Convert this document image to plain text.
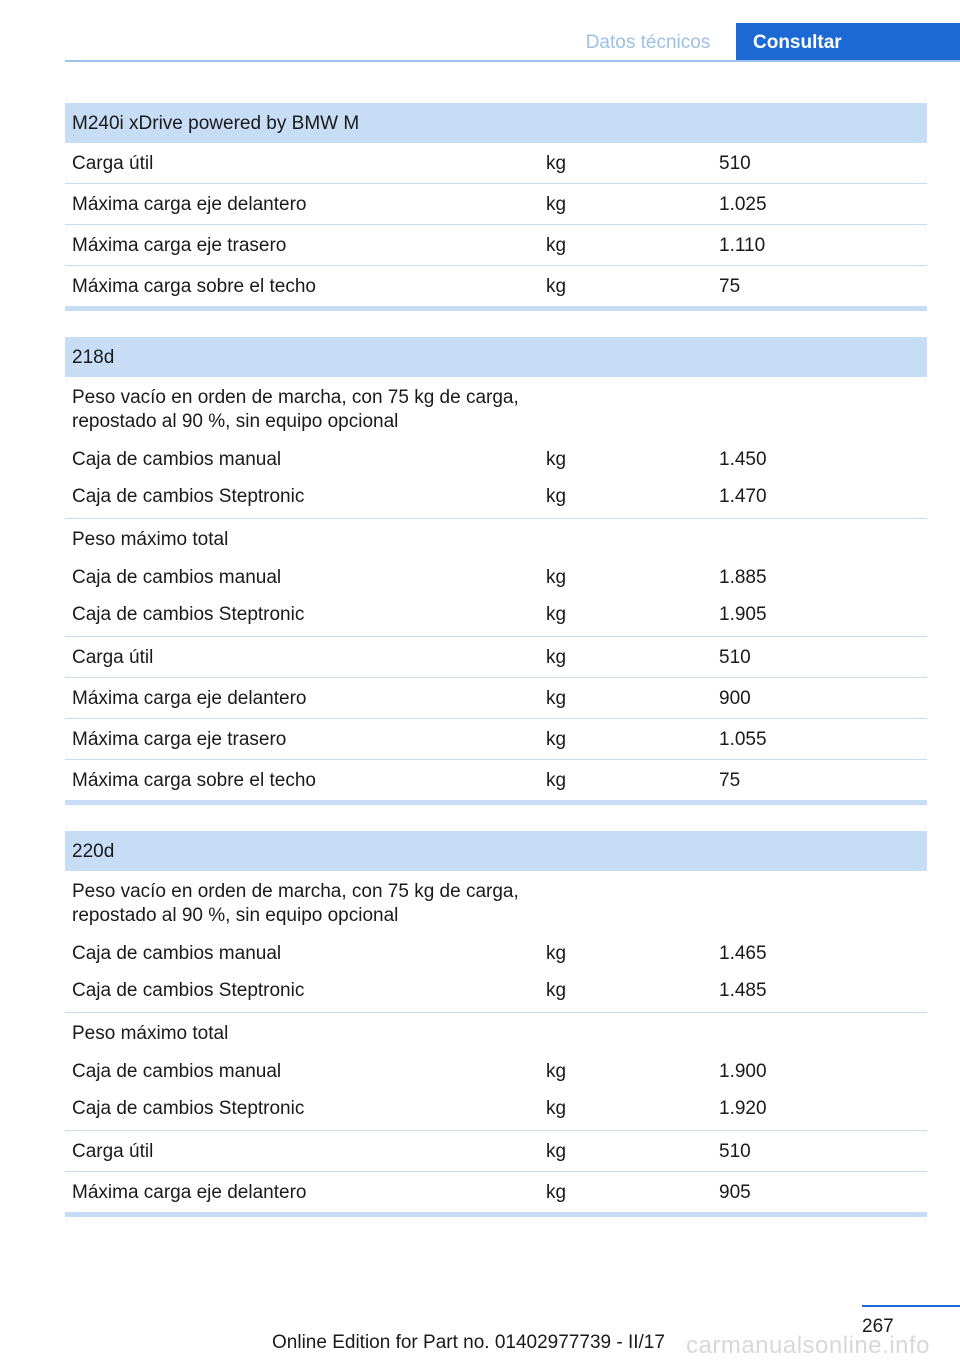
Datos técnicos	Consultar
M240i xDrive powered by BMW M
Carga útil	kg	510
Máxima carga eje delantero	kg	1.025
Máxima carga eje trasero	kg	1.110
Máxima carga sobre el techo	kg	75
218d
Peso vacío en orden de marcha, con 75 kg de carga, repostado al 90 %, sin equipo opcional
Caja de cambios manual	kg	1.450
Caja de cambios Steptronic	kg	1.470
Peso máximo total
Caja de cambios manual	kg	1.885
Caja de cambios Steptronic	kg	1.905
Carga útil	kg	510
Máxima carga eje delantero	kg	900
Máxima carga eje trasero	kg	1.055
Máxima carga sobre el techo	kg	75
220d
Peso vacío en orden de marcha, con 75 kg de carga, repostado al 90 %, sin equipo opcional
Caja de cambios manual	kg	1.465
Caja de cambios Steptronic	kg	1.485
Peso máximo total
Caja de cambios manual	kg	1.900
Caja de cambios Steptronic	kg	1.920
Carga útil	kg	510
Máxima carga eje delantero	kg	905
267
Online Edition for Part no. 01402977739 - II/17 carmanualsonline.info
